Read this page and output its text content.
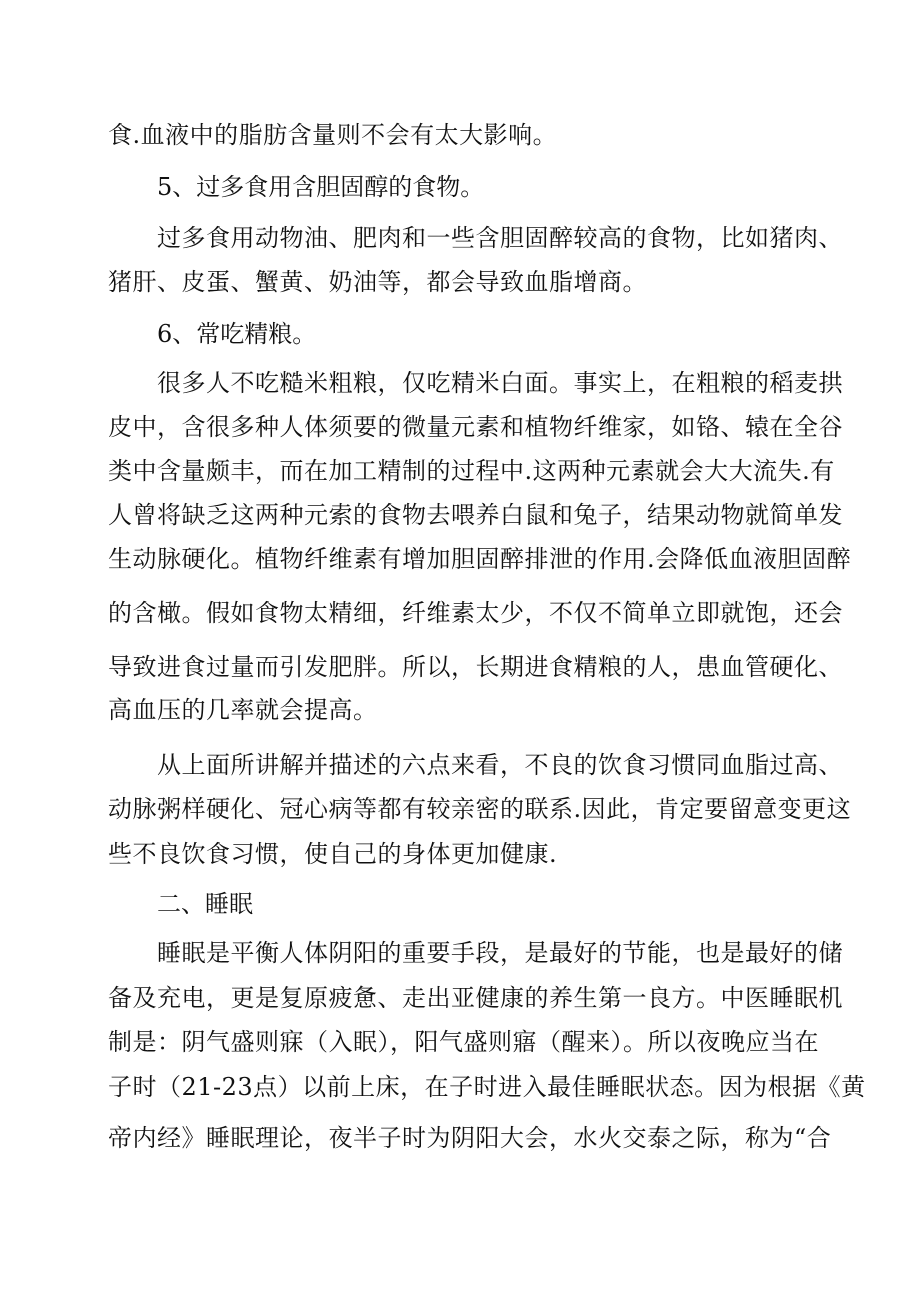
食.血液中的脂肪含量则不会有太大影响。
5、过多食用含胆固醇的食物。
过多食用动物油、肥肉和一些含胆固醉较高的食物，比如猪肉、
猪肝、皮蛋、蟹黄、奶油等，都会导致血脂增商。
6、常吃精粮。
很多人不吃糙米粗粮，仅吃精米白面。事实上，在粗粮的稻麦拱
皮中，含很多种人体须要的微量元素和植物纤维家，如铬、辕在全谷
类中含量颇丰，而在加工精制的过程中.这两种元素就会大大流失.有
人曾将缺乏这两种元索的食物去喂养白鼠和兔子，结果动物就简单发
生动脉硬化。植物纤维素有增加胆固醉排泄的作用.会降低血液胆固醉
的含橄。假如食物太精细，纤维素太少，不仅不简单立即就饱，还会
导致进食过量而引发肥胖。所以，长期进食精粮的人，患血管硬化、
高血压的几率就会提高。
从上面所讲解并描述的六点来看，不良的饮食习惯同血脂过高、
动脉粥样硬化、冠心病等都有较亲密的联系.因此，肯定要留意变更这
些不良饮食习惯，使自己的身体更加健康.
二、睡眠
睡眠是平衡人体阴阳的重要手段，是最好的节能，也是最好的储
备及充电，更是复原疲惫、走出亚健康的养生第一良方。中医睡眠机
制是：阴气盛则寐（入眠），阳气盛则寤（醒来）。所以夜晚应当在
子时（21-23点）以前上床，在子时进入最佳睡眠状态。因为根据《黄
帝内经》睡眠理论，夜半子时为阴阳大会，水火交泰之际，称为“合
